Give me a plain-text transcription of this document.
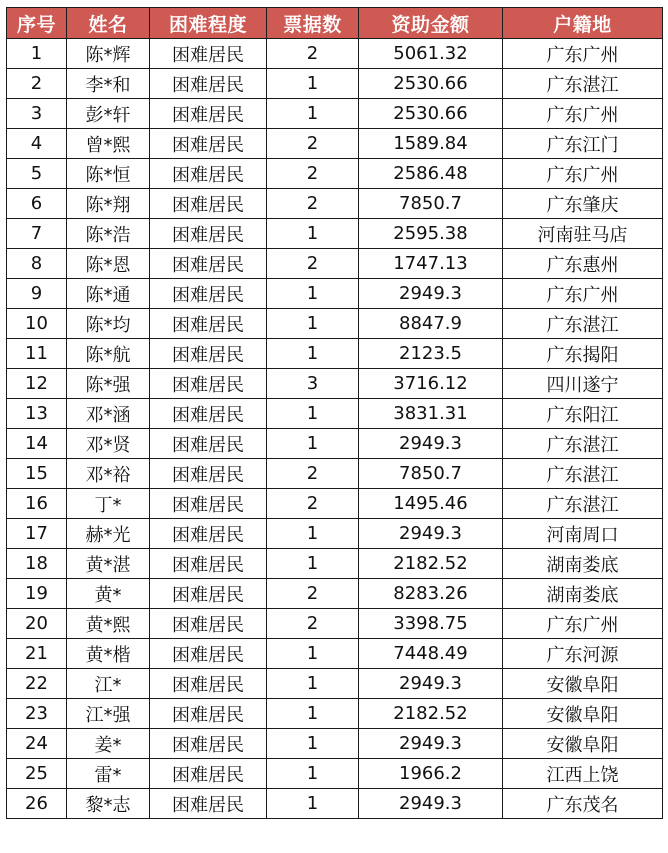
序号	姓名	困难程度	票据数	资助金额	户籍地
1	陈*辉	困难居民	2	5061.32	广东广州
2	李*和	困难居民	1	2530.66	广东湛江
3	彭*轩	困难居民	1	2530.66	广东广州
4	曾*熙	困难居民	2	1589.84	广东江门
5	陈*恒	困难居民	2	2586.48	广东广州
6	陈*翔	困难居民	2	7850.7	广东肇庆
7	陈*浩	困难居民	1	2595.38	河南驻马店
8	陈*恩	困难居民	2	1747.13	广东惠州
9	陈*通	困难居民	1	2949.3	广东广州
10	陈*均	困难居民	1	8847.9	广东湛江
11	陈*航	困难居民	1	2123.5	广东揭阳
12	陈*强	困难居民	3	3716.12	四川遂宁
13	邓*涵	困难居民	1	3831.31	广东阳江
14	邓*贤	困难居民	1	2949.3	广东湛江
15	邓*裕	困难居民	2	7850.7	广东湛江
16	丁*	困难居民	2	1495.46	广东湛江
17	赫*光	困难居民	1	2949.3	河南周口
18	黄*湛	困难居民	1	2182.52	湖南娄底
19	黄*	困难居民	2	8283.26	湖南娄底
20	黄*熙	困难居民	2	3398.75	广东广州
21	黄*楷	困难居民	1	7448.49	广东河源
22	江*	困难居民	1	2949.3	安徽阜阳
23	江*强	困难居民	1	2182.52	安徽阜阳
24	姜*	困难居民	1	2949.3	安徽阜阳
25	雷*	困难居民	1	1966.2	江西上饶
26	黎*志	困难居民	1	2949.3	广东茂名
